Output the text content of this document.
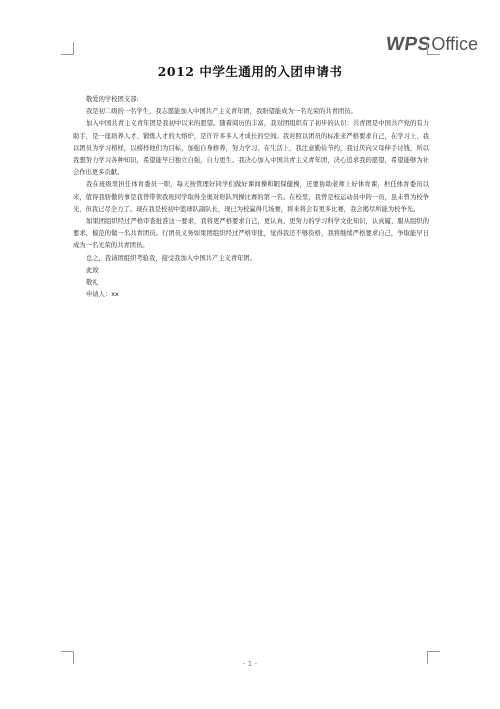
WPS Office
2012 中学生通用的入团申请书

敬爱的学校团支部:

我是初二级的一名学生，我志愿能加入中国共产主义青年团，我盼望能成为一名光荣的共青团员。

加入中国共青主义青年团是我初中以来的愿望。随着阅历的丰富，我对团组织有了初步的认识：共青团是中国共产党的有力助手，是一座培养人才、锻炼人才的大熔炉，是许许多多人才成长的空间。我对照以团员的标准来严格要求自己，在学习上，我以团员为学习榜样，以榜样他们为目标，加强自身修养，努力学习。在生活上，我注意勤俭节约，我讨厌向父母伸手讨钱，所以我想努力学习各种知识，希望能早日独立自强，自力更生。我决心加入中国共青主义青年团，决心追求我的愿望，希望能够为社会作出更多贡献。

我在班级里担任体育委员一职，每天按管理好同学们做好课间操和眼保健操，还要协助老师上好体育课，担任体育委员以来，值得我骄傲的事是我曾带领我班同学取得全奥对形队列操比赛的第一名。在校里，我曾是校运动员中的一员，虽未曾为校争光，但我已尽全力了。现在我是校初中篮球队副队长，现已为校赢得几场赛，将来将会有更多比赛，我会揭尽所能为校争光。

如果团组织经过严格审查批准这一要求，我将更严格要求自己，更认真、更努力的学习科学文化知识，认真履、服从组织的要求，模范的做一名共青团员。行团员义务如果团组织经过严格审批，觉得我还不够资格，我将继续严格要求自己，争取能早日成为一名光荣的共青团员。

总之，我请团组织考验我，接受我加入中国共产主义青年团。

此致

敬礼

申请人：xx

- 1 -
